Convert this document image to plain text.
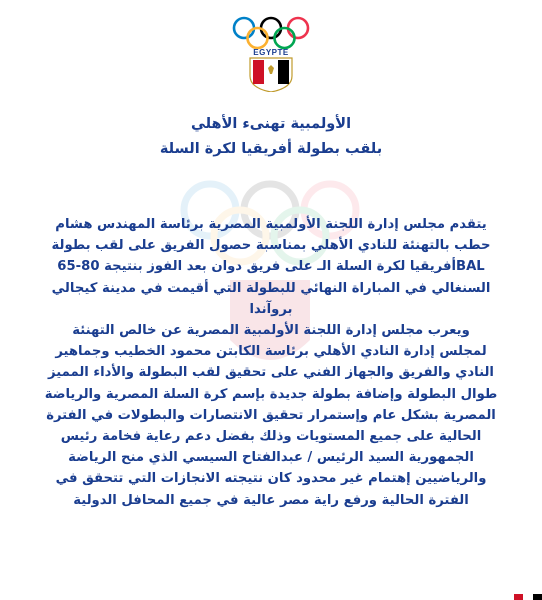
EGYPTE
الأولمبية تهنىء الأهلي
بلقب بطولة أفريقيا لكرة السلة
يتقدم مجلس إدارة اللجنة الأولمبية المصرية برئاسة المهندس هشام
حطب بالتهنئة للنادي الأهلي بمناسبة حصول الفريق على لقب بطولة
BALأفريقيا لكرة السلة الـ على فريق دوان بعد الفوز بنتيجة 80-65
السنغالي في المباراة النهائي للبطولة التي أقيمت في مدينة كيجالي
بروآندا
ويعرب مجلس إدارة اللجنة الأولمبية المصرية عن خالص التهنئة
لمجلس إدارة النادي الأهلي برئاسة الكابتن محمود الخطيب وجماهير
النادي والفريق والجهاز الفني على تحقيق لقب البطولة والأداء المميز
طوال البطولة وإضافة بطولة جديدة بإسم كرة السلة المصرية والرياضة
المصرية بشكل عام وإستمرار تحقيق الانتصارات والبطولات في الفترة
الحالية على جميع المستويات وذلك بفضل دعم رعاية فخامة رئيس
الجمهورية السيد الرئيس / عبدالفتاح السيسي الذي منح الرياضة
والرياضيين إهتمام غير محدود كان نتيجته الانجازات التي تتحقق في
الفترة الحالية ورفع راية مصر عالية في جميع المحافل الدولية
